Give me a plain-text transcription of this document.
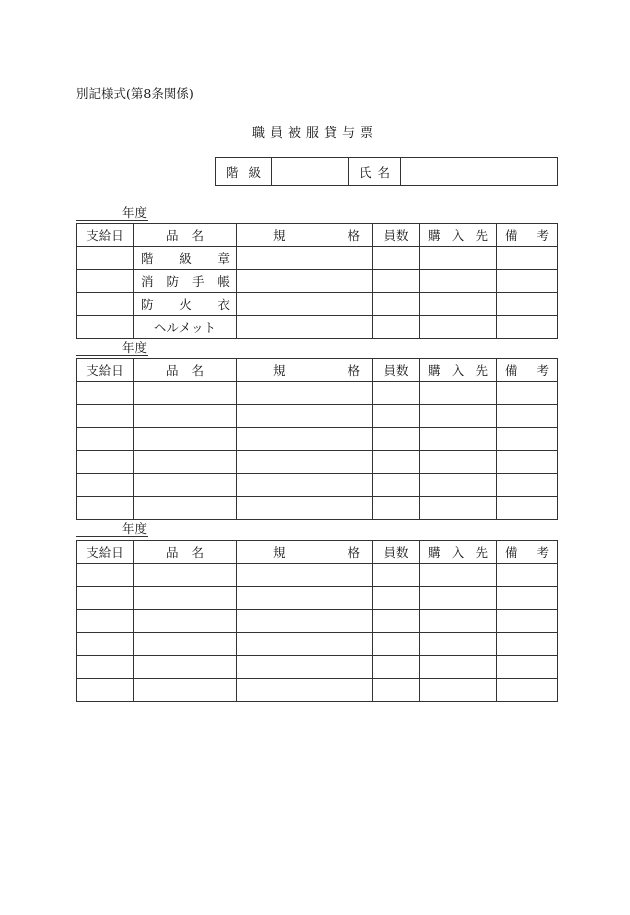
別記様式(第8条関係)
職員被服貸与票
階 級		氏 名

年度
支給日	品 名	規 格	員数	購 入 先	備 考

	階 級 章				

	消 防 手 帳				

	防 火 衣				

	ヘルメット				

年度
支給日	品 名	規 格	員数	購 入 先	備 考

年度
支給日	品 名	規 格	員数	購 入 先	備 考
